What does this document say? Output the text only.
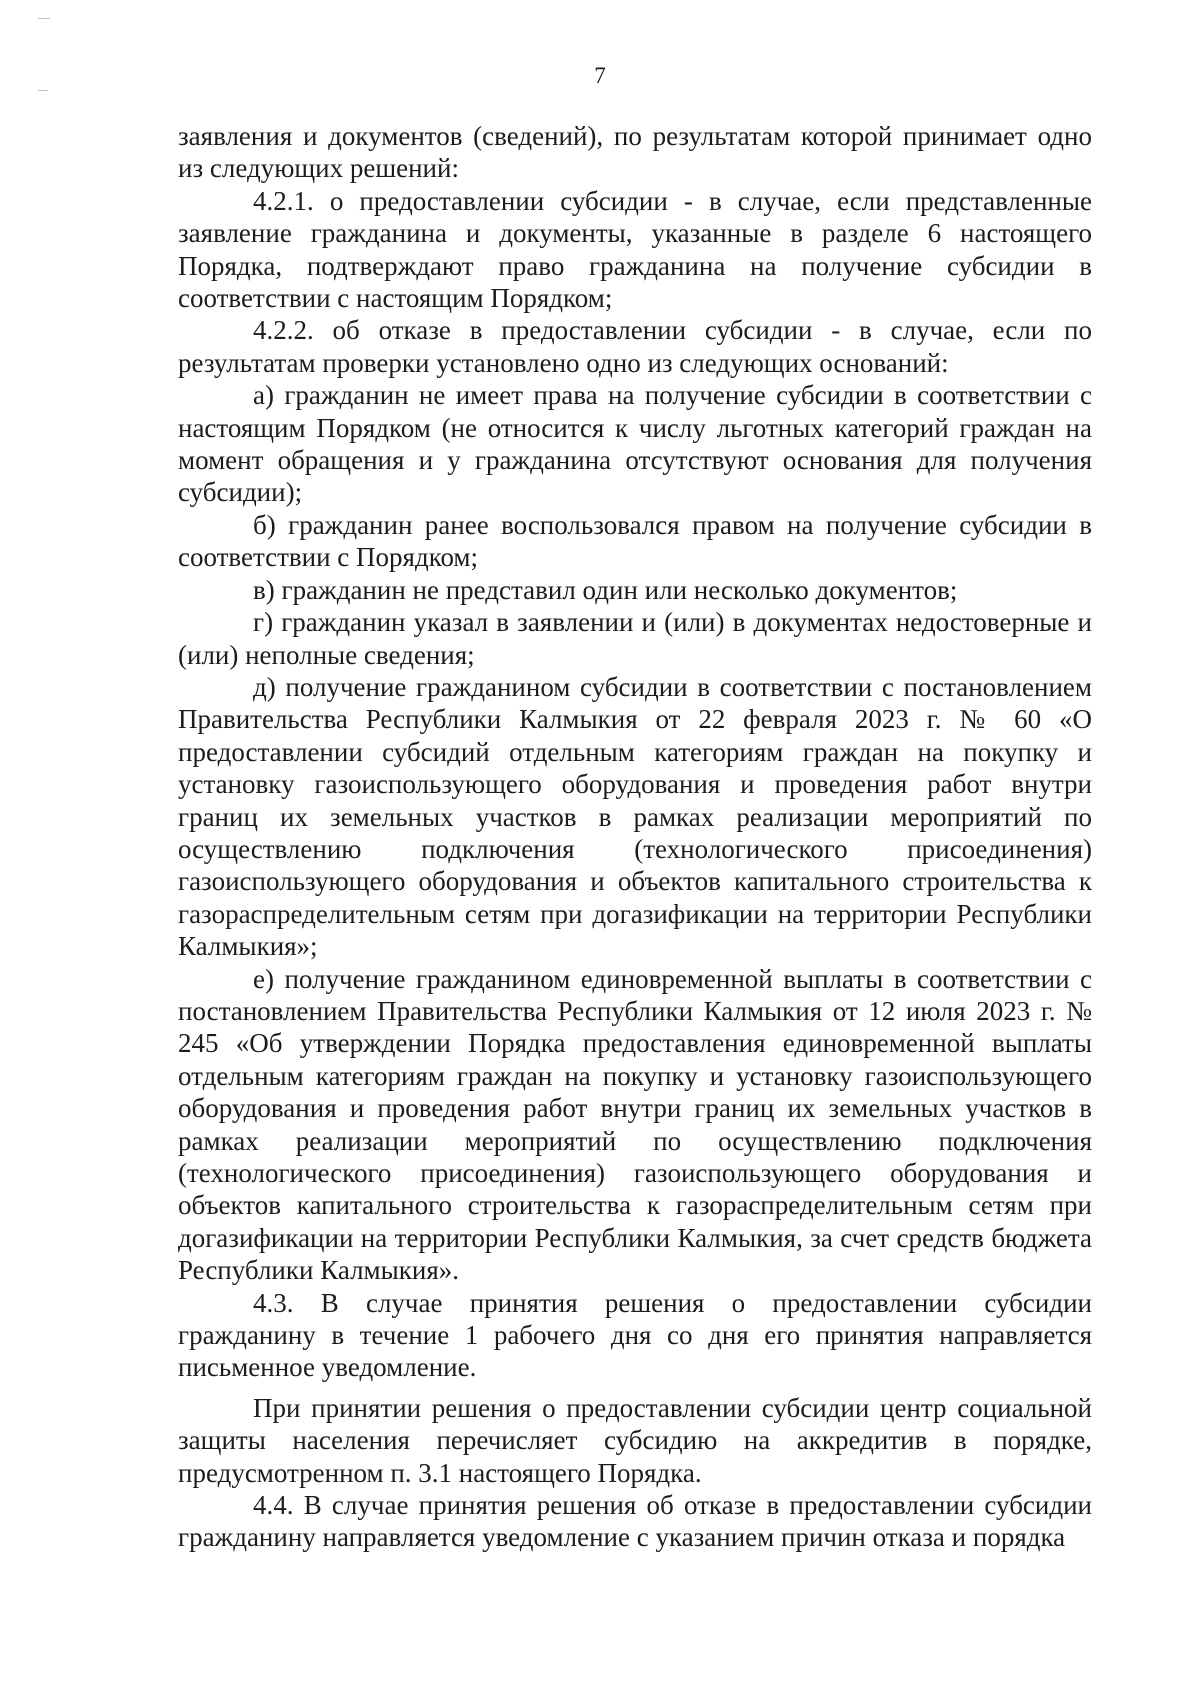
7

заявления и документов (сведений), по результатам которой принимает одно из следующих решений:

4.2.1. о предоставлении субсидии - в случае, если представленные заявление гражданина и документы, указанные в разделе 6 настоящего Порядка, подтверждают право гражданина на получение субсидии в соответствии с настоящим Порядком;

4.2.2. об отказе в предоставлении субсидии - в случае, если по результатам проверки установлено одно из следующих оснований:

а) гражданин не имеет права на получение субсидии в соответствии с настоящим Порядком (не относится к числу льготных категорий граждан на момент обращения и у гражданина отсутствуют основания для получения субсидии);

б) гражданин ранее воспользовался правом на получение субсидии в соответствии с Порядком;

в) гражданин не представил один или несколько документов;

г) гражданин указал в заявлении и (или) в документах недостоверные и (или) неполные сведения;

д) получение гражданином субсидии в соответствии с постановлением Правительства Республики Калмыкия от 22 февраля 2023 г. № 60 «О предоставлении субсидий отдельным категориям граждан на покупку и установку газоиспользующего оборудования и проведения работ внутри границ их земельных участков в рамках реализации мероприятий по осуществлению подключения (технологического присоединения) газоиспользующего оборудования и объектов капитального строительства к газораспределительным сетям при догазификации на территории Республики Калмыкия»;

е) получение гражданином единовременной выплаты в соответствии с постановлением Правительства Республики Калмыкия от 12 июля 2023 г. № 245 «Об утверждении Порядка предоставления единовременной выплаты отдельным категориям граждан на покупку и установку газоиспользующего оборудования и проведения работ внутри границ их земельных участков в рамках реализации мероприятий по осуществлению подключения (технологического присоединения) газоиспользующего оборудования и объектов капитального строительства к газораспределительным сетям при догазификации на территории Республики Калмыкия, за счет средств бюджета Республики Калмыкия».

4.3. В случае принятия решения о предоставлении субсидии гражданину в течение 1 рабочего дня со дня его принятия направляется письменное уведомление.

При принятии решения о предоставлении субсидии центр социальной защиты населения перечисляет субсидию на аккредитив в порядке, предусмотренном п. 3.1 настоящего Порядка.

4.4. В случае принятия решения об отказе в предоставлении субсидии гражданину направляется уведомление с указанием причин отказа и порядка
